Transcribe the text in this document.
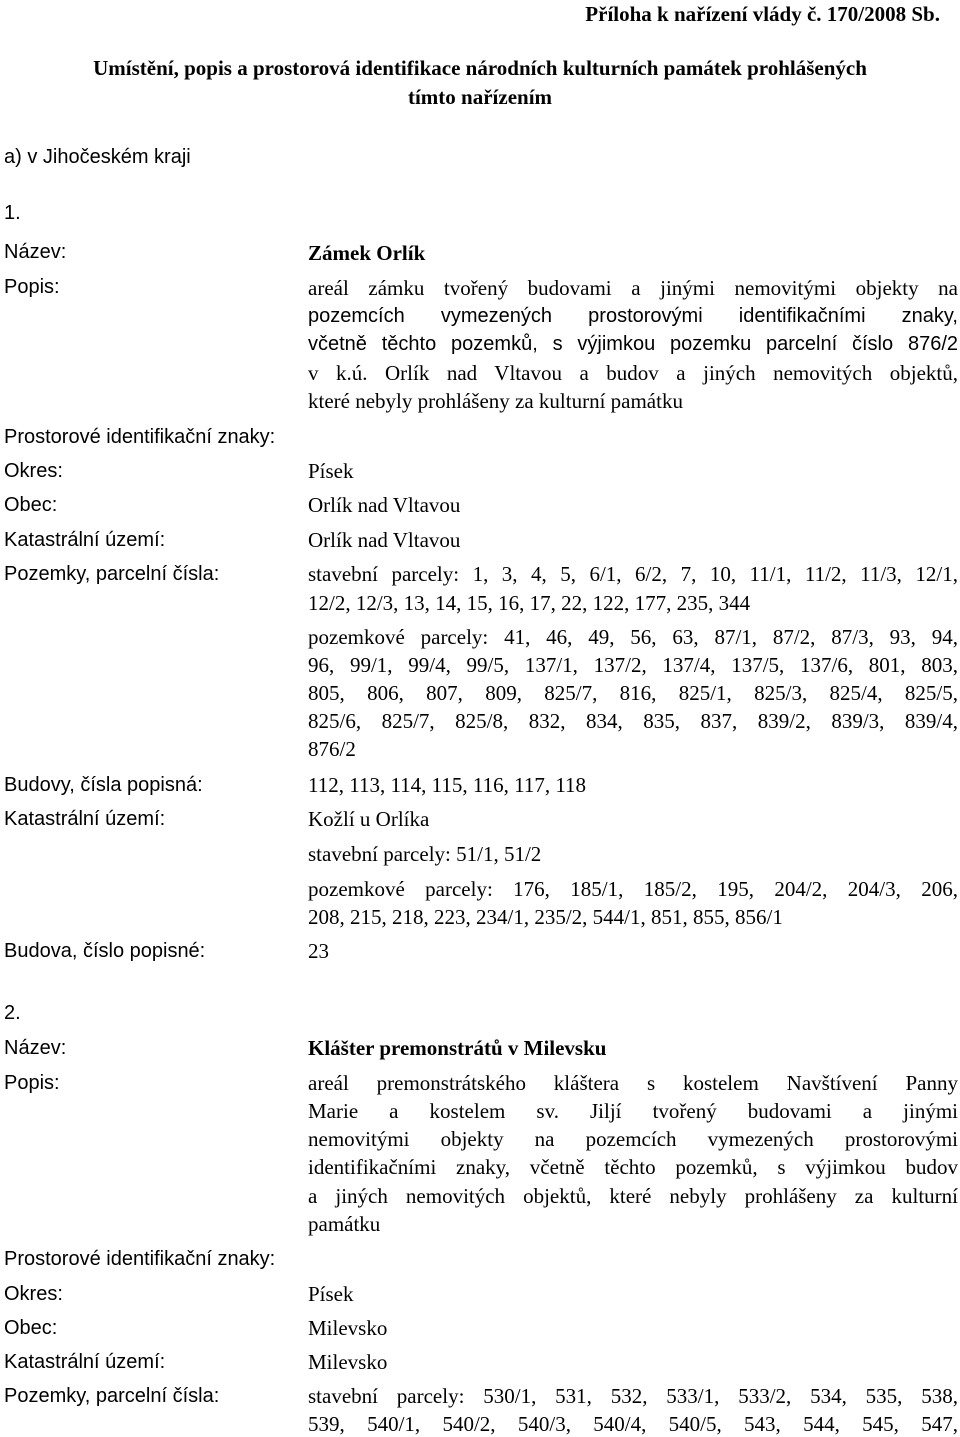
Příloha k nařízení vlády č. 170/2008 Sb.
Umístění, popis a prostorová identifikace národních kulturních památek prohlášených
tímto nařízením
a) v Jihočeském kraji
1.
Název:	Zámek Orlík
Popis:	areál zámku tvořený budovami a jinými nemovitými objekty na
pozemcích vymezených prostorovými identifikačními znaky,
včetně těchto pozemků, s výjimkou pozemku parcelní číslo 876/2
v k.ú. Orlík nad Vltavou a budov a jiných nemovitých objektů,
které nebyly prohlášeny za kulturní památku
Prostorové identifikační znaky:
Okres:	Písek
Obec:	Orlík nad Vltavou
Katastrální území:	Orlík nad Vltavou
Pozemky, parcelní čísla:	stavební parcely: 1, 3, 4, 5, 6/1, 6/2, 7, 10, 11/1, 11/2, 11/3, 12/1,
12/2, 12/3, 13, 14, 15, 16, 17, 22, 122, 177, 235, 344
pozemkové parcely: 41, 46, 49, 56, 63, 87/1, 87/2, 87/3, 93, 94,
96, 99/1, 99/4, 99/5, 137/1, 137/2, 137/4, 137/5, 137/6, 801, 803,
805, 806, 807, 809, 825/7, 816, 825/1, 825/3, 825/4, 825/5,
825/6, 825/7, 825/8, 832, 834, 835, 837, 839/2, 839/3, 839/4,
876/2
Budovy, čísla popisná:	112, 113, 114, 115, 116, 117, 118
Katastrální území:	Kožlí u Orlíka
stavební parcely: 51/1, 51/2
pozemkové parcely: 176, 185/1, 185/2, 195, 204/2, 204/3, 206,
208, 215, 218, 223, 234/1, 235/2, 544/1, 851, 855, 856/1
Budova, číslo popisné:	23
2.
Název:	Klášter premonstrátů v Milevsku
Popis:	areál premonstrátského kláštera s kostelem Navštívení Panny
Marie a kostelem sv. Jiljí tvořený budovami a jinými
nemovitými objekty na pozemcích vymezených prostorovými
identifikačními znaky, včetně těchto pozemků, s výjimkou budov
a jiných nemovitých objektů, které nebyly prohlášeny za kulturní
památku
Prostorové identifikační znaky:
Okres:	Písek
Obec:	Milevsko
Katastrální území:	Milevsko
Pozemky, parcelní čísla:	stavební parcely: 530/1, 531, 532, 533/1, 533/2, 534, 535, 538,
539, 540/1, 540/2, 540/3, 540/4, 540/5, 543, 544, 545, 547,
